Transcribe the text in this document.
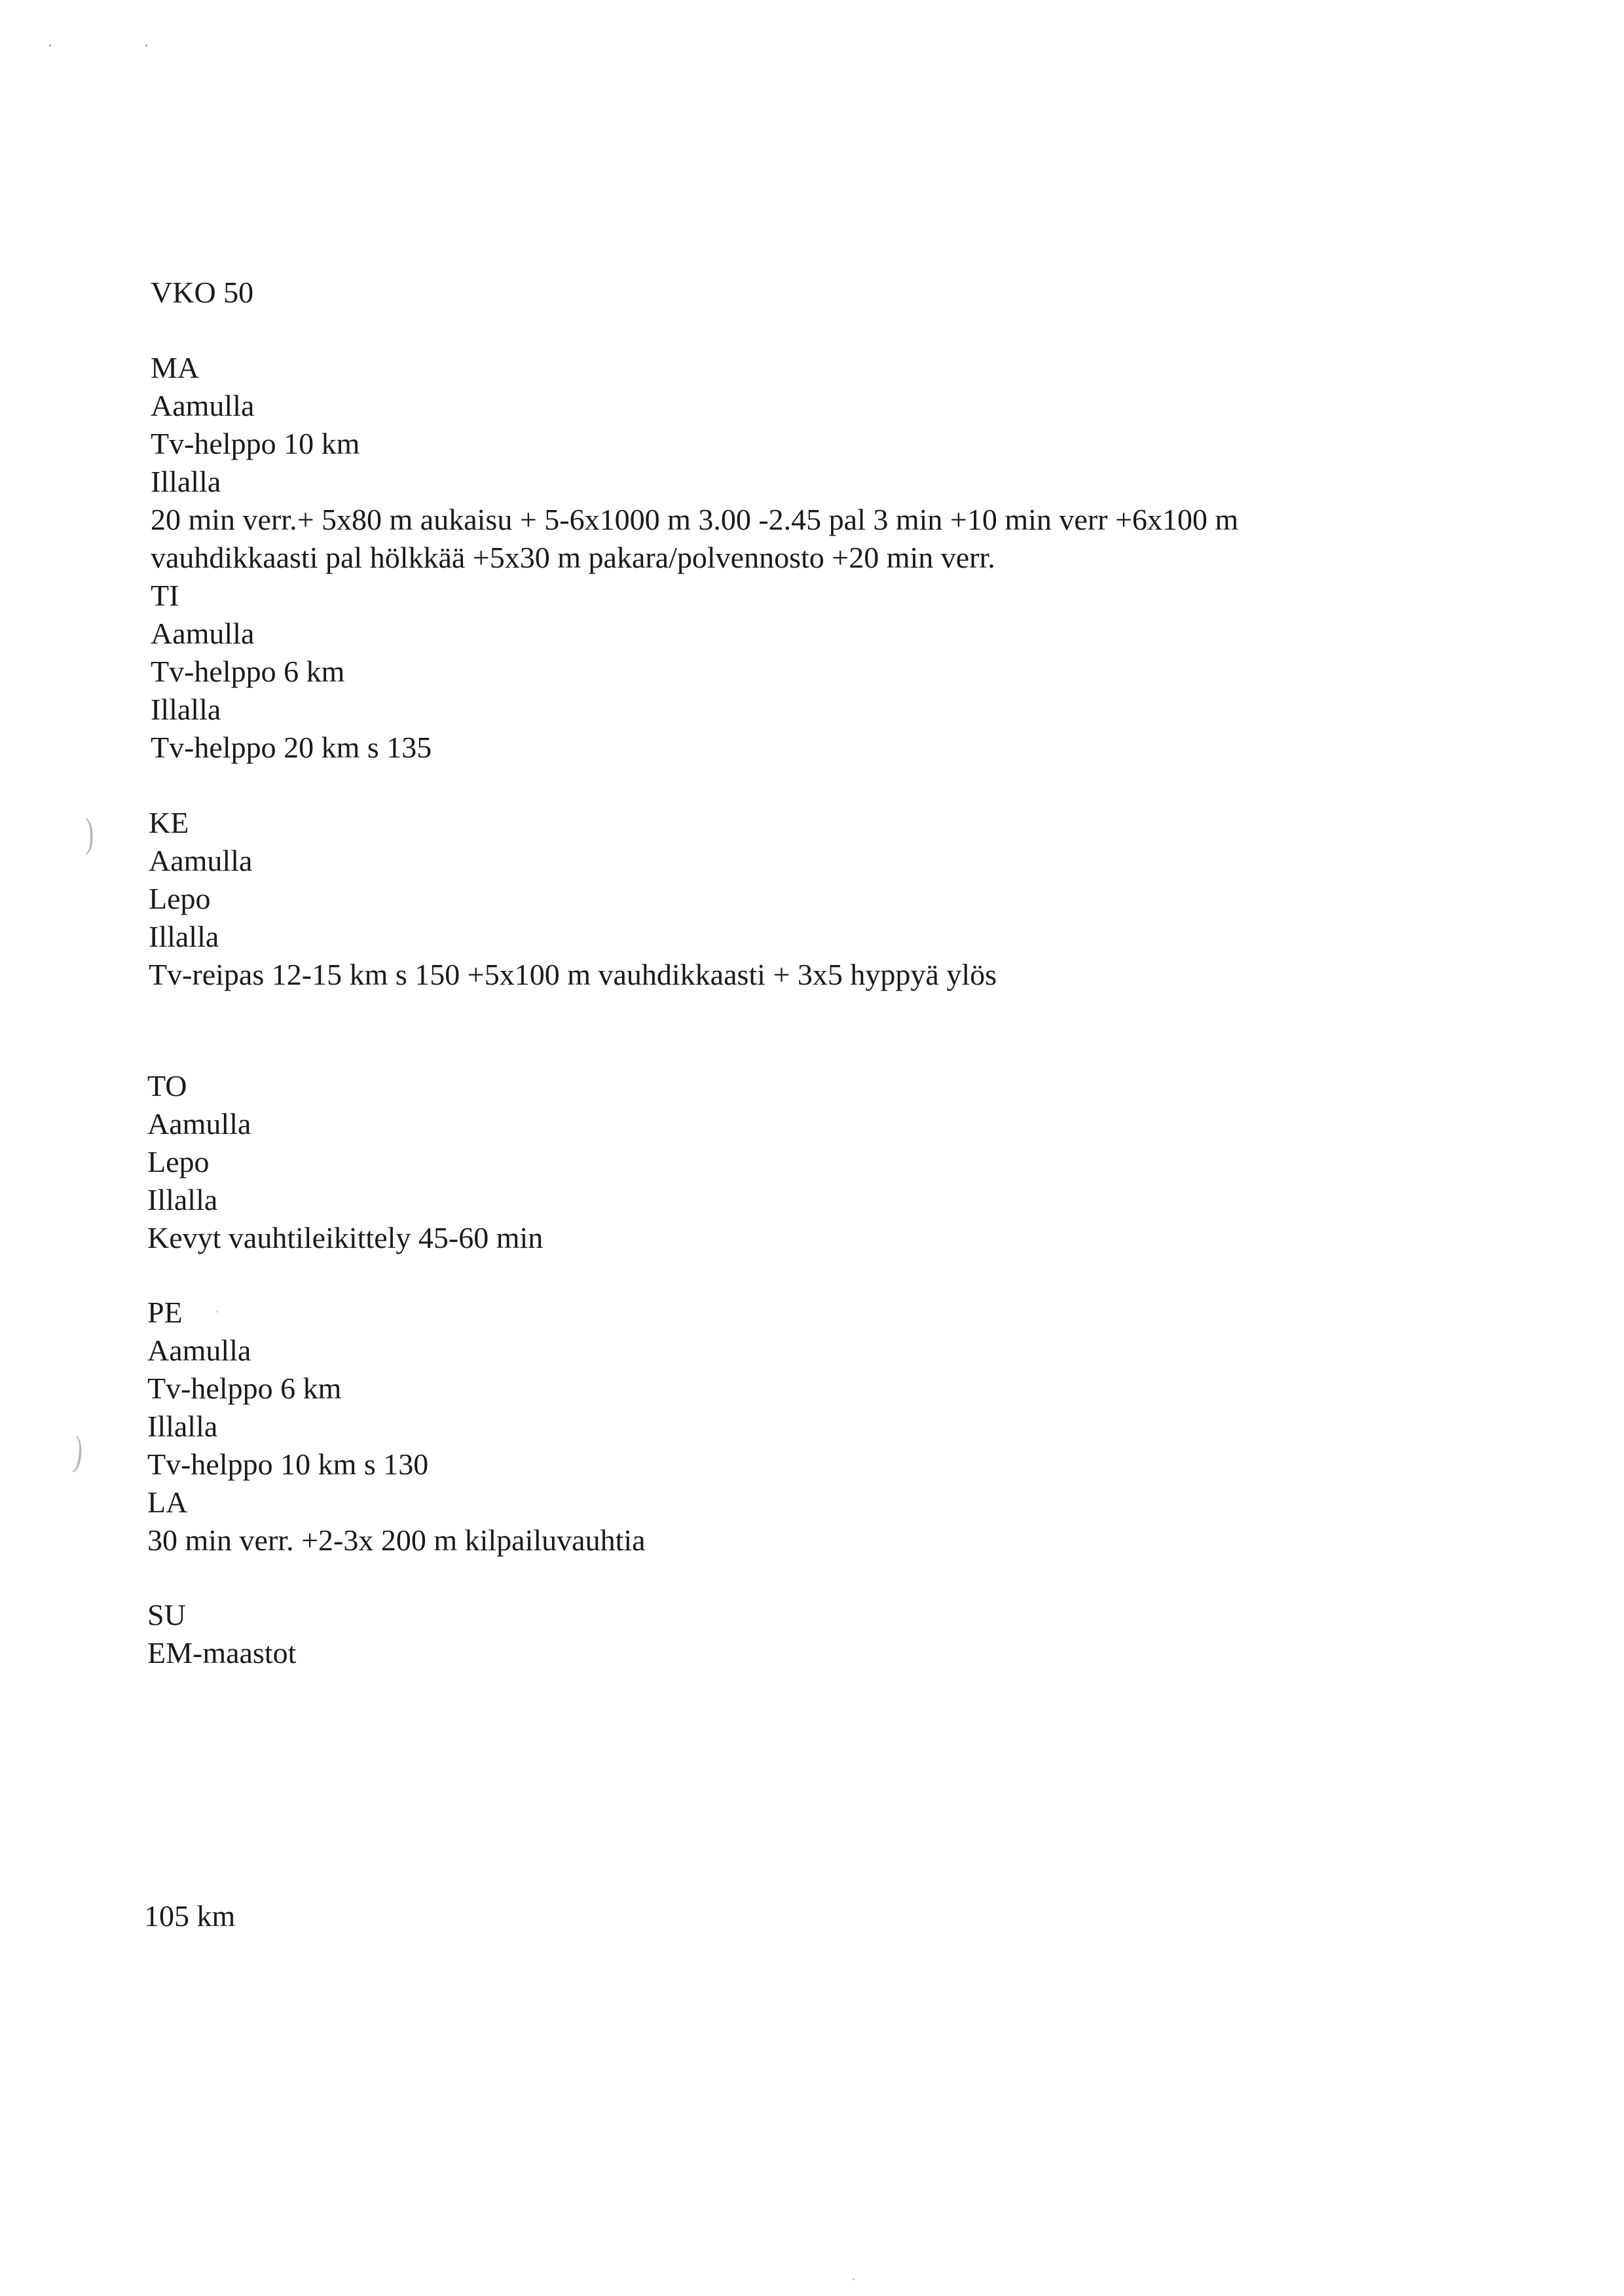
VKO 50

MA

Aamulla

Tv-helppo 10 km

Illalla

20 min verr.+ 5x80 m aukaisu + 5-6x1000 m 3.00 -2.45 pal 3 min +10 min verr +6x100 m

vauhdikkaasti pal hölkkää +5x30 m pakara/polvennosto +20 min verr.

TI

Aamulla

Tv-helppo 6 km

Illalla

Tv-helppo 20 km s 135

KE

Aamulla

Lepo

Illalla

Tv-reipas 12-15 km s 150 +5x100 m vauhdikkaasti + 3x5 hyppyä ylös

TO

Aamulla

Lepo

Illalla

Kevyt vauhtileikittely 45-60 min

PE

Aamulla

Tv-helppo 6 km

Illalla

Tv-helppo 10 km s 130

LA

30 min verr. +2-3x 200 m kilpailuvauhtia

SU

EM-maastot

105 km

)
)
